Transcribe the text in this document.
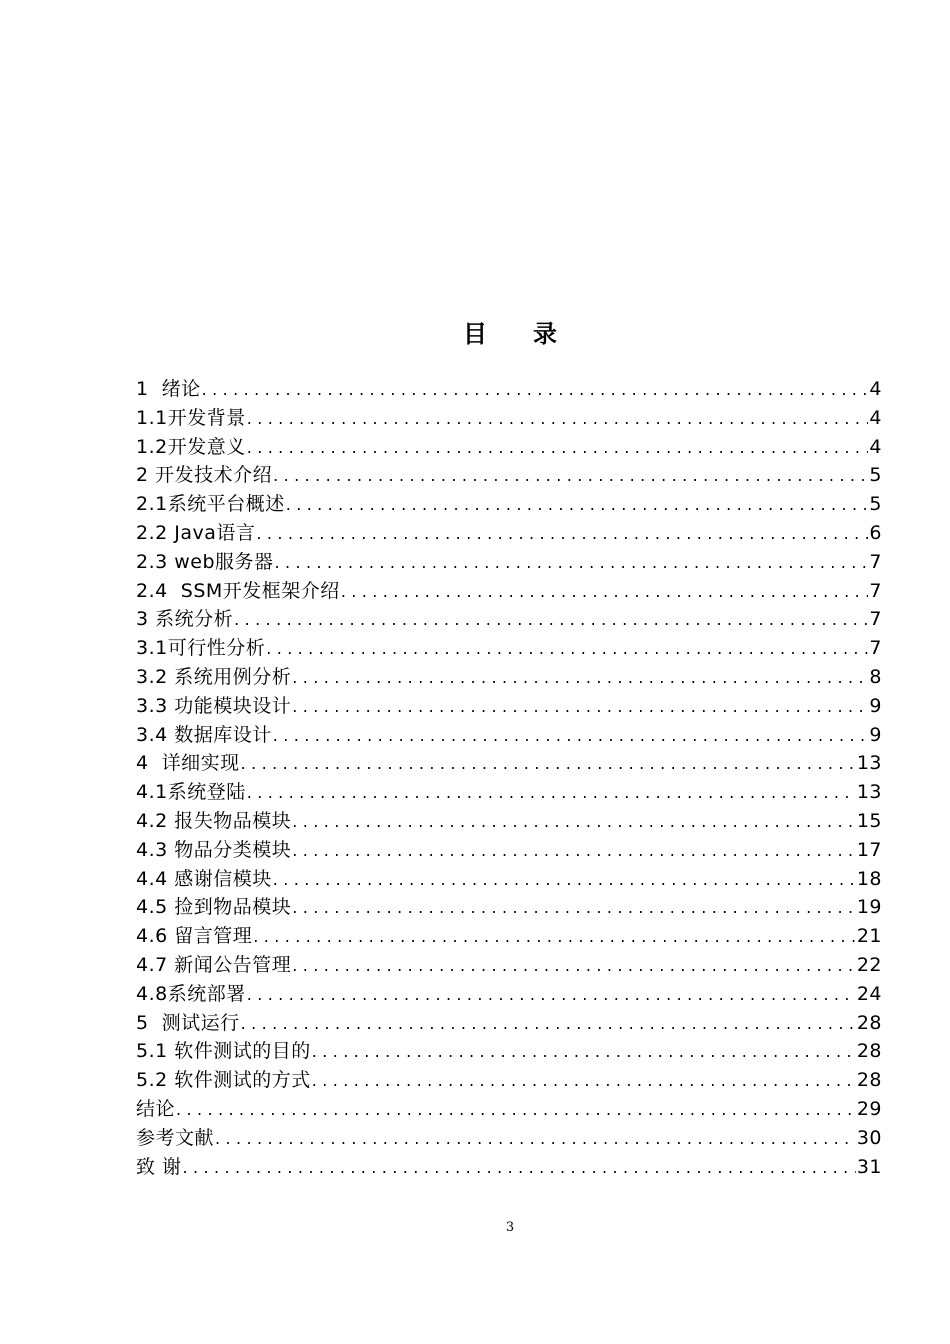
目 录
1  绪论 .....	4
1.1开发背景 .....	4
1.2开发意义 .....	4
2 开发技术介绍 .....	5
2.1系统平台概述 .....	5
2.2 Java语言 .....	6
2.3 web服务器 .....	7
2.4  SSM开发框架介绍 .....	7
3 系统分析 .....	7
3.1可行性分析 .....	7
3.2 系统用例分析 .....	8
3.3 功能模块设计 .....	9
3.4 数据库设计 .....	9
4  详细实现 .....	13
4.1系统登陆 .....	13
4.2 报失物品模块 .....	15
4.3 物品分类模块 .....	17
4.4 感谢信模块 .....	18
4.5 捡到物品模块 .....	19
4.6 留言管理 .....	21
4.7 新闻公告管理 .....	22
4.8系统部署 .....	24
5  测试运行 .....	28
5.1 软件测试的目的 .....	28
5.2 软件测试的方式 .....	28
结论 .....	29
参考文献 .....	30
致 谢 .....	31
3
